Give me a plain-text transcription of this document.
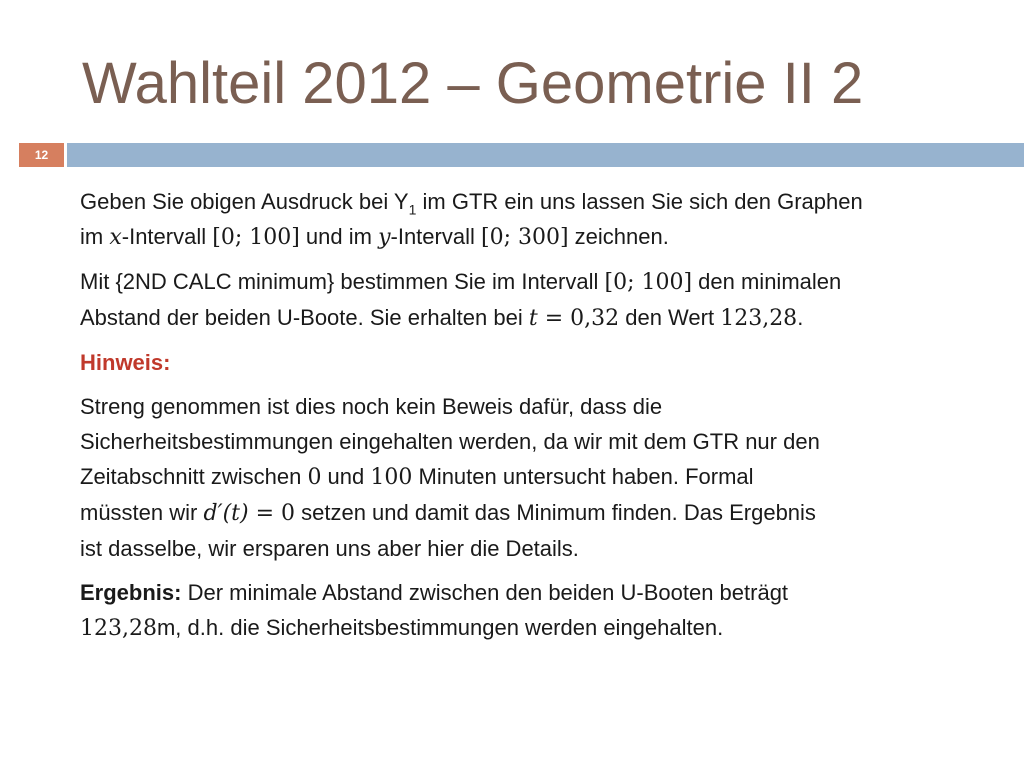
Wahlteil 2012 – Geometrie II 2
12

Geben Sie obigen Ausdruck bei $Y_1$ im GTR ein uns lassen Sie sich den Graphen
im x-Intervall [0; 100] und im y-Intervall [0; 300] zeichnen.

Mit {2ND CALC minimum} bestimmen Sie im Intervall [0; 100] den minimalen
Abstand der beiden U-Boote. Sie erhalten bei t = 0,32 den Wert 123,28.

Hinweis:

Streng genommen ist dies noch kein Beweis dafür, dass die
Sicherheitsbestimmungen eingehalten werden, da wir mit dem GTR nur den
Zeitabschnitt zwischen 0 und 100 Minuten untersucht haben. Formal
müssten wir d′(t) = 0 setzen und damit das Minimum finden. Das Ergebnis
ist dasselbe, wir ersparen uns aber hier die Details.

Ergebnis: Der minimale Abstand zwischen den beiden U-Booten beträgt
123,28m, d.h. die Sicherheitsbestimmungen werden eingehalten.
